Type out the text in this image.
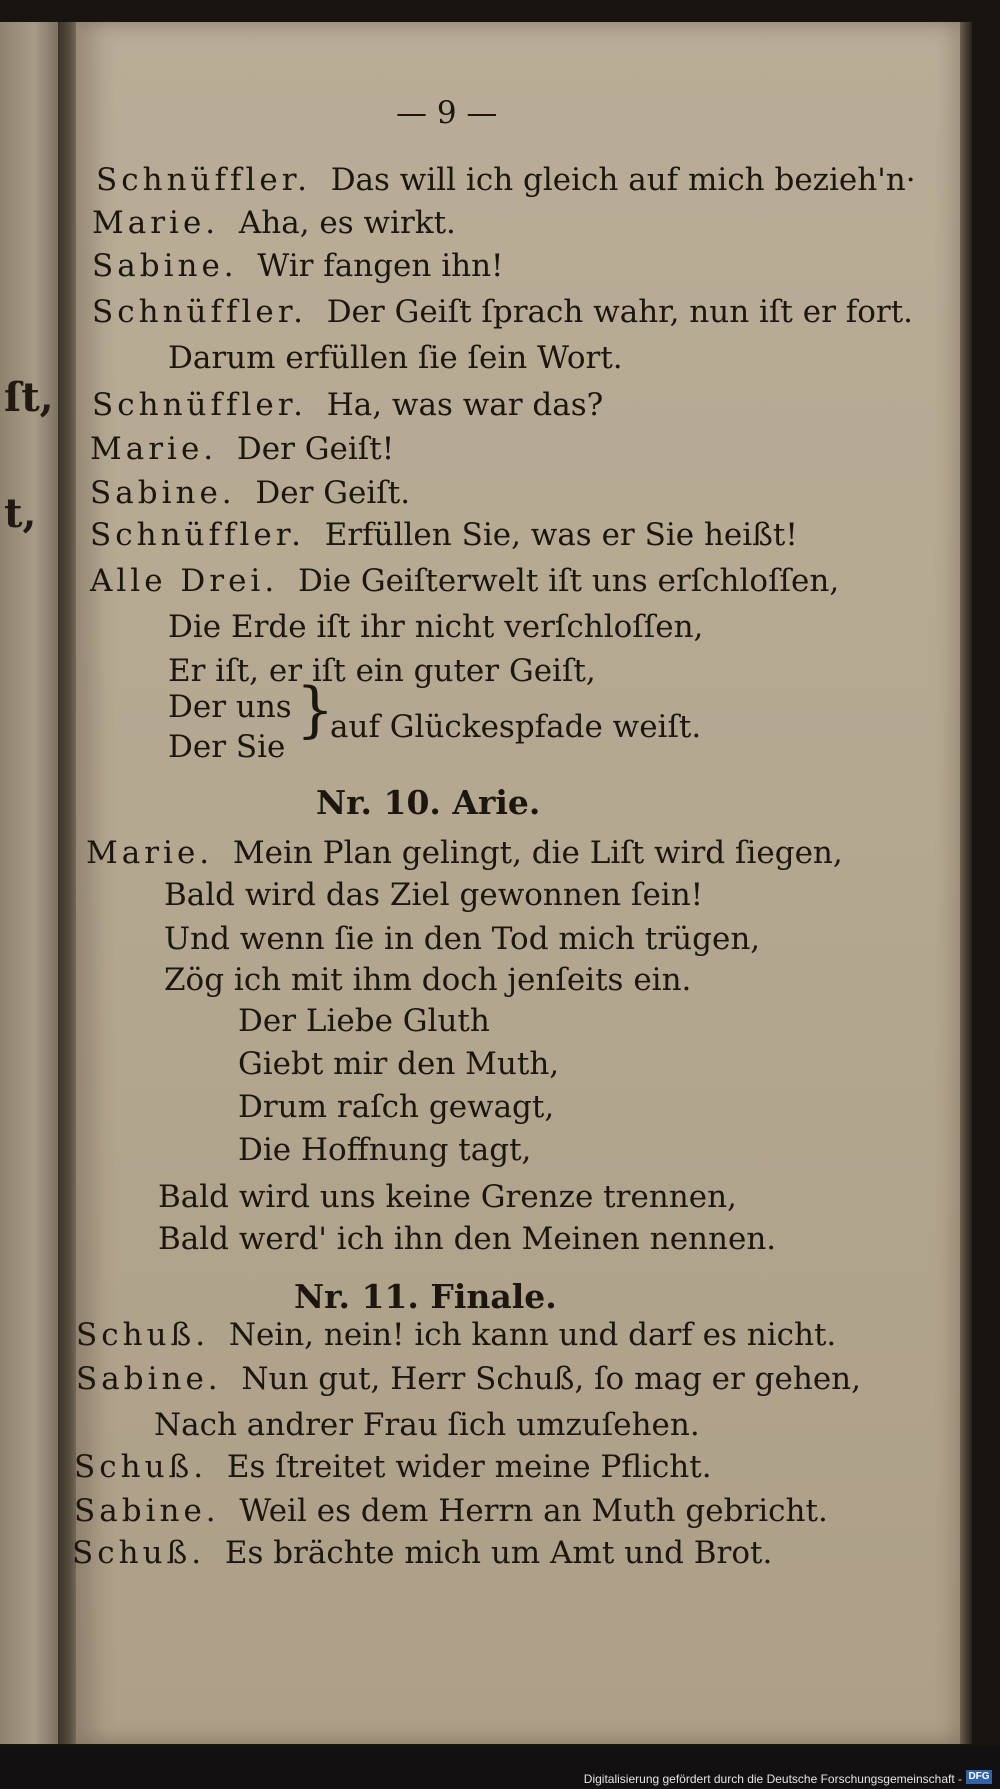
ſt,
t,
— 9 —
Schnüffler. Das will ich gleich auf mich bezieh'n·
Marie. Aha, es wirkt.
Sabine. Wir fangen ihn!
Schnüffler. Der Geiſt ſprach wahr, nun iſt er fort.
Darum erfüllen ſie ſein Wort.
Schnüffler. Ha, was war das?
Marie. Der Geiſt!
Sabine. Der Geiſt.
Schnüffler. Erfüllen Sie, was er Sie heißt!
Alle Drei. Die Geiſterwelt iſt uns erſchloſſen,
Die Erde iſt ihr nicht verſchloſſen,
Er iſt, er iſt ein guter Geiſt,
Der uns
Der Sie
}
auf Glückespfade weiſt.
Nr. 10. Arie.
Marie. Mein Plan gelingt, die Liſt wird ſiegen,
Bald wird das Ziel gewonnen ſein!
Und wenn ſie in den Tod mich trügen,
Zög ich mit ihm doch jenſeits ein.
Der Liebe Gluth
Giebt mir den Muth,
Drum raſch gewagt,
Die Hoffnung tagt,
Bald wird uns keine Grenze trennen,
Bald werd' ich ihn den Meinen nennen.
Nr. 11. Finale.
Schuß. Nein, nein! ich kann und darf es nicht.
Sabine. Nun gut, Herr Schuß, ſo mag er gehen,
Nach andrer Frau ſich umzuſehen.
Schuß. Es ſtreitet wider meine Pflicht.
Sabine. Weil es dem Herrn an Muth gebricht.
Schuß. Es brächte mich um Amt und Brot.
Digitalisierung gefördert durch die Deutsche Forschungsgemeinschaft - DFG
